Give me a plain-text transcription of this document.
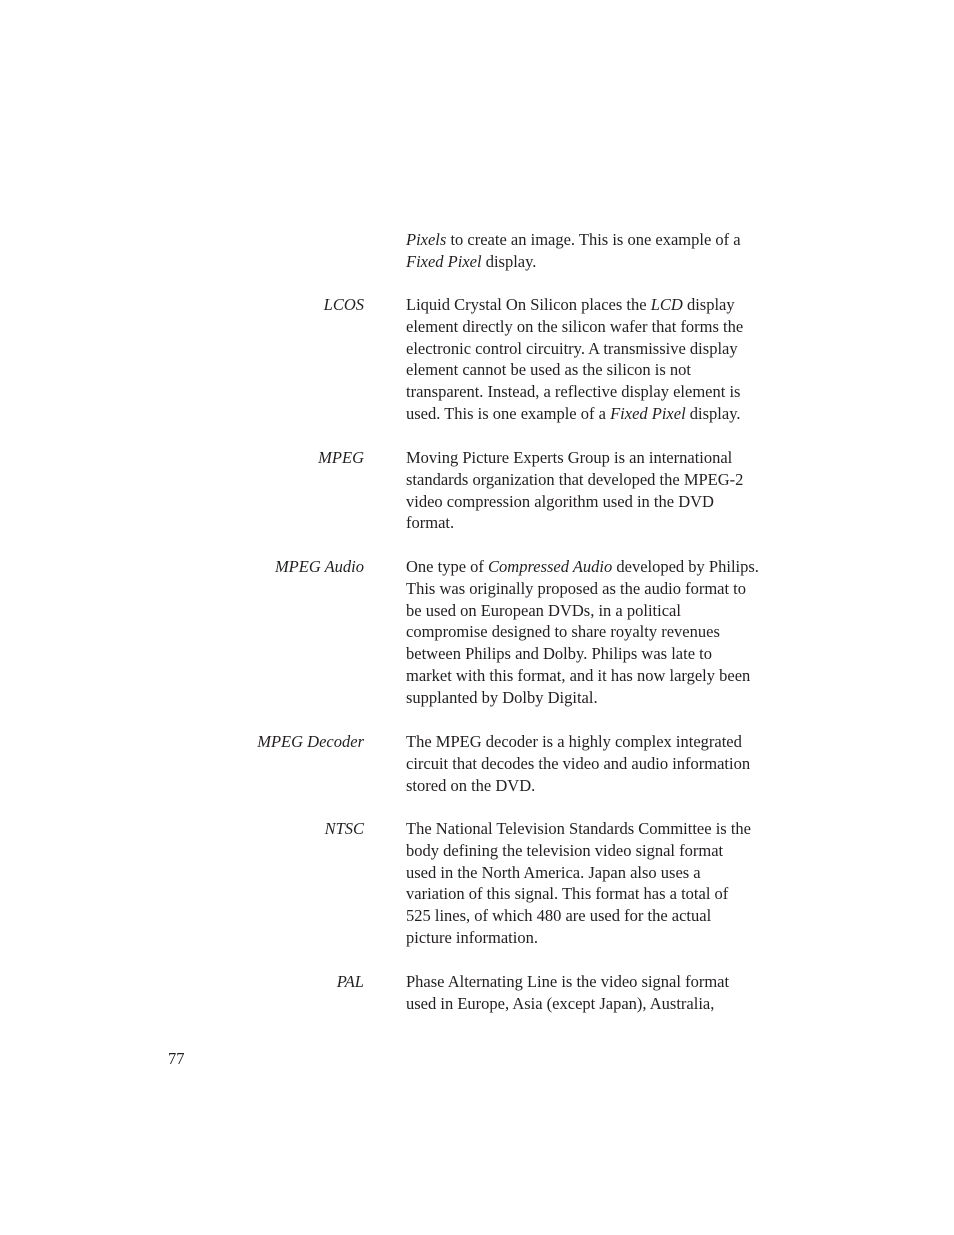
Pixels to create an image. This is one example of a
Fixed Pixel display.
LCOS	Liquid Crystal On Silicon places the LCD display
element directly on the silicon wafer that forms the
electronic control circuitry. A transmissive display
element cannot be used as the silicon is not
transparent. Instead, a reflective display element is
used. This is one example of a Fixed Pixel display.
MPEG	Moving Picture Experts Group is an international
standards organization that developed the MPEG-2
video compression algorithm used in the DVD
format.
MPEG Audio	One type of Compressed Audio developed by Philips.
This was originally proposed as the audio format to
be used on European DVDs, in a political
compromise designed to share royalty revenues
between Philips and Dolby. Philips was late to
market with this format, and it has now largely been
supplanted by Dolby Digital.
MPEG Decoder	The MPEG decoder is a highly complex integrated
circuit that decodes the video and audio information
stored on the DVD.
NTSC	The National Television Standards Committee is the
body defining the television video signal format
used in the North America. Japan also uses a
variation of this signal. This format has a total of
525 lines, of which 480 are used for the actual
picture information.
PAL	Phase Alternating Line is the video signal format
used in Europe, Asia (except Japan), Australia,
77
